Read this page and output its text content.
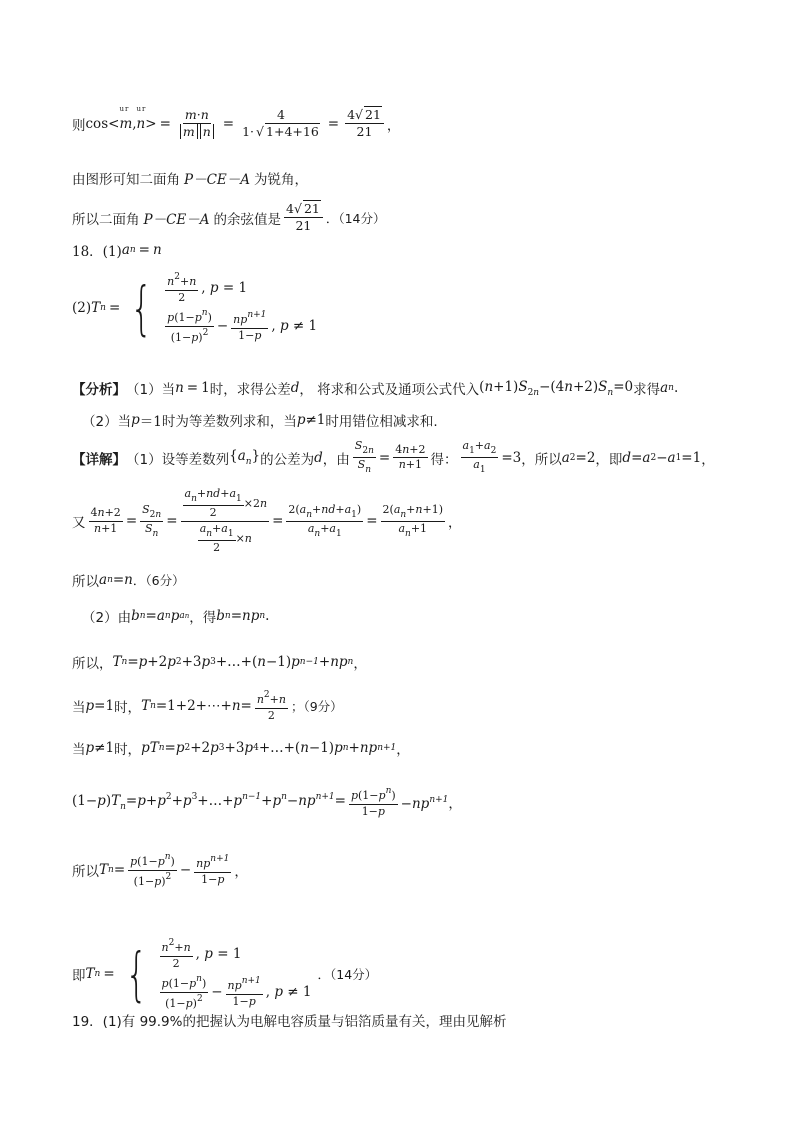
则 cos < ur m , ur n > = $\frac{m\cdot n}{\text{m n}} = \frac{4}{1\cdot √ 1+4+16} = \frac{4√ 21}{21}$ ，
由图形可知二面角 P－CE－A 为锐角，
所以二面角 P－CE－A 的余弦值是 $\frac{4√ 21}{21}$ ．（14分）
18．(1) a n = n
(2) T n = { $\frac{n^2+n}{2}$ , p = 1
$\frac{p(1-p^n)}{(1-p)^2} - \frac{np^{n+1}}{1-p}$ , p ≠ 1
【分析】 （1）当 n = 1 时，求得公差 d ， 将求和公式及通项公式代入 $(n+1)S_{2n}-(4n+2)S_n=0$ 求得 a n .
（2）当 p ＝1 时为等差数列求和，当 p ≠1 时用错位相减求和.
【详解】 （1）设等差数列 $\{a_n\}$ 的公差为 d ，由 $\frac{S_{2n}}{S_n} = \frac{4n+2}{n+1}$ 得： $\frac{a_1+a_2}{a_1} =3$ ，所以 a 2 =2 ，即 d = a 2 − a 1 =1 ，
又 $\frac{4n+2}{n+1} = \frac{S_{2n}}{S_n} = \frac{\frac{a_n+nd+a_1}{2} \times 2n}{\frac{a_n+a_1}{2} \times n} = \frac{2(a_n+nd+a_1)}{a_n+a_1} = \frac{2(a_n+n+1)}{a_n+1}$ ，
所以 a n = n ．（6分）
（2）由 b n = a n p an ，得 b n = np n .
所以， T n = p +2 p 2 +3 p 3 +…+( n −1) p n−1 + np n ，
当 p =1 时， T n =1+2+⋯+ $n = \frac{n^2+n}{2}$ ；（9分）
当 p ≠1 时， pT n = p 2 +2 p 3 +3 p 4 +…+( n −1) p n + np n+1 ，
$(1-p)T_n=p+p^2+p^3+\dots+p^{n-1}+p^n-np^{n+1}= \frac{p(1-p^n)}{1-p} -np^{n+1}$，
所以 T $n = \frac{p(1-p^n)}{(1-p)^2} - \frac{np^{n+1}}{1-p}$ ，
即 T n = { $\frac{n^2+n}{2}$ , p = 1
$\frac{p(1-p^n)}{(1-p)^2} - \frac{np^{n+1}}{1-p}$ , p ≠ 1
．（14分）
19．(1)有 99.9%的把握认为电解电容质量与铝箔质量有关，理由见解析
